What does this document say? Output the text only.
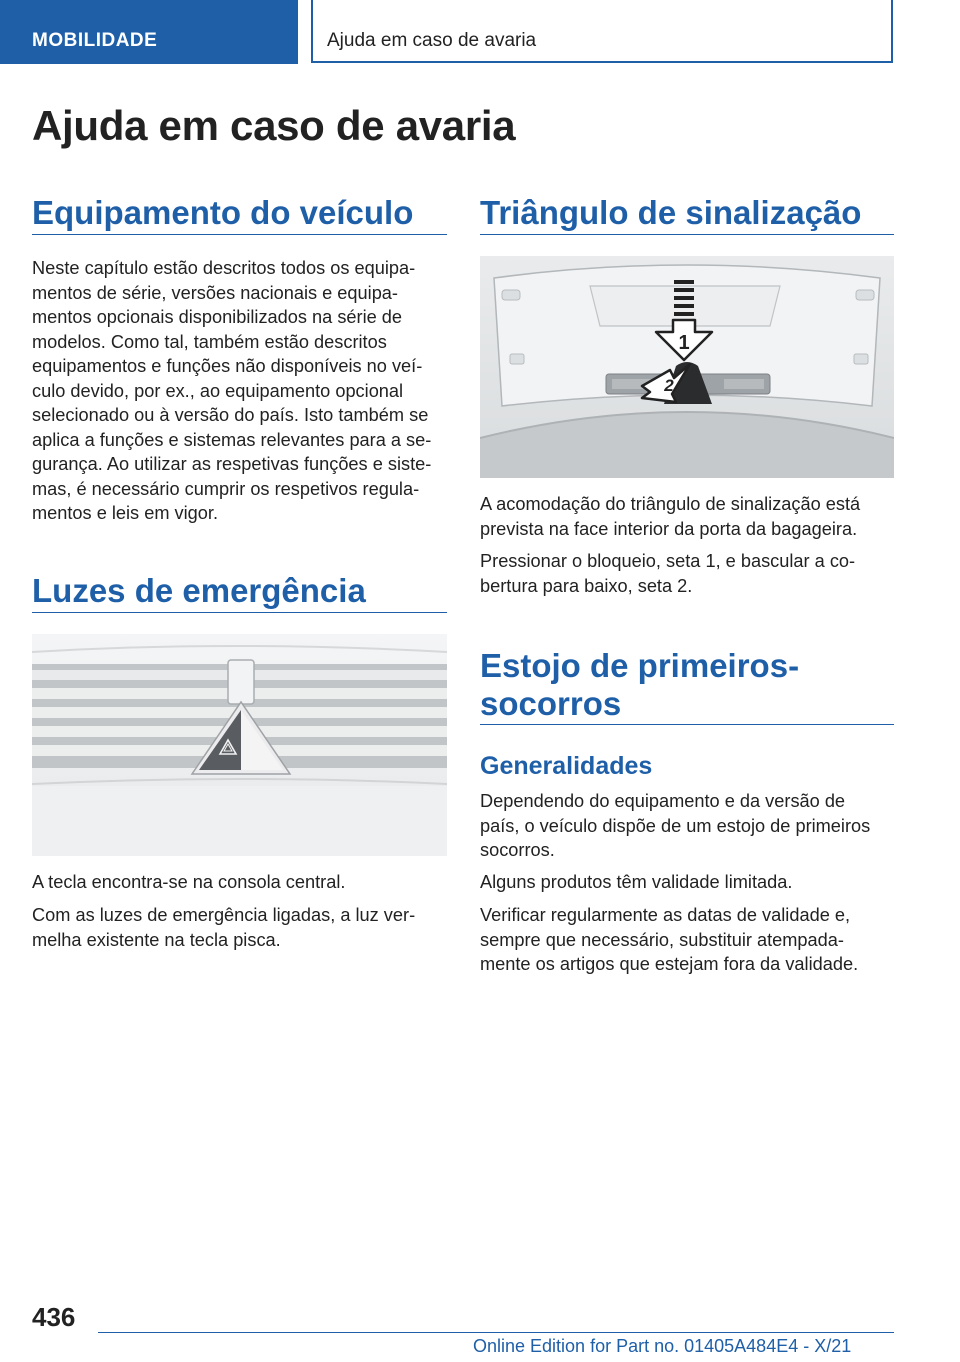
MOBILIDADE	Ajuda em caso de avaria
Ajuda em caso de avaria
Equipamento do veículo

Neste capítulo estão descritos todos os equipa‐
mentos de série, versões nacionais e equipa‐
mentos opcionais disponibilizados na série de
modelos. Como tal, também estão descritos
equipamentos e funções não disponíveis no veí‐
culo devido, por ex., ao equipamento opcional
selecionado ou à versão do país. Isto também se
aplica a funções e sistemas relevantes para a se‐
gurança. Ao utilizar as respetivas funções e siste‐
mas, é necessário cumprir os respetivos regula‐
mentos e leis em vigor.

Luzes de emergência

A tecla encontra-se na consola central.

Com as luzes de emergência ligadas, a luz ver‐
melha existente na tecla pisca.

Triângulo de sinalização
1
2

A acomodação do triângulo de sinalização está
prevista na face interior da porta da bagageira.

Pressionar o bloqueio, seta 1, e bascular a co‐
bertura para baixo, seta 2.

Estojo de primeiros-
socorros
Generalidades

Dependendo do equipamento e da versão de
país, o veículo dispõe de um estojo de primeiros
socorros.

Alguns produtos têm validade limitada.

Verificar regularmente as datas de validade e,
sempre que necessário, substituir atempada‐
mente os artigos que estejam fora da validade.

436
Online Edition for Part no. 01405A484E4 - X/21
